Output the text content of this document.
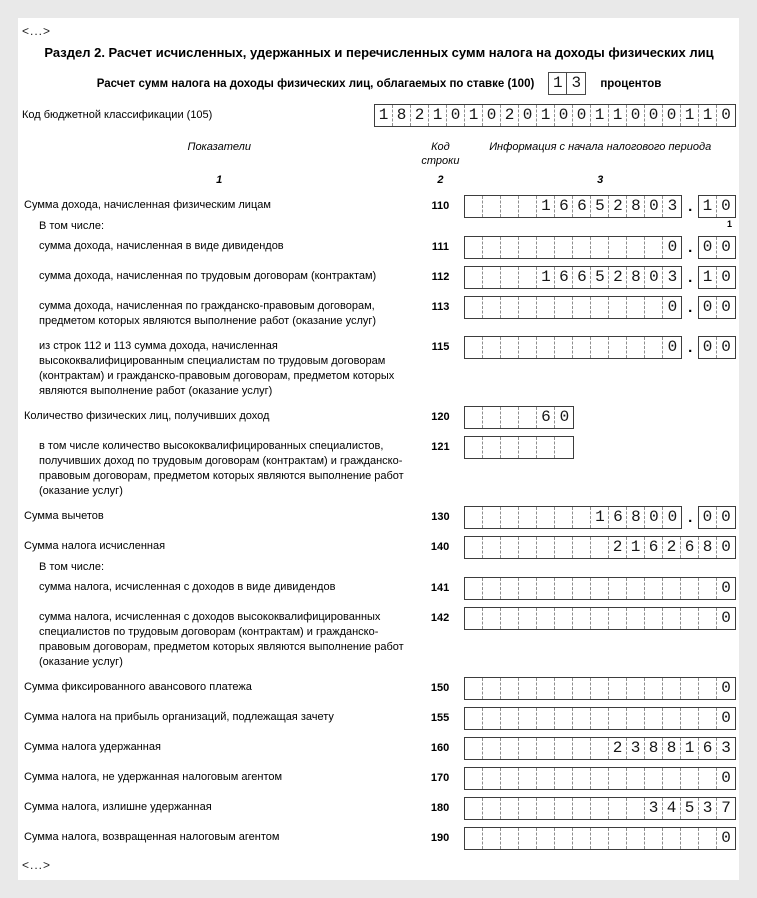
<...>
Раздел 2. Расчет исчисленных, удержанных и перечисленных сумм налога на доходы физических лиц
Расчет сумм налога на доходы физических лиц, облагаемых по ставке (100) 1 3	процентов
Код бюджетной классификации (105)	1 8 2 1 0 1 0 2 0 1 0 0 1 1 0 0 0 1 1 0
Показатели	Код
строки
Информация с начала налогового периода
1	2	3
Сумма дохода, начисленная физическим лицам	110	1 6 6 5 2 8 0 3 . 1 0
1
В том числе:
сумма дохода, начисленная в виде дивидендов	111	0 . 0 0
сумма дохода, начисленная по трудовым договорам (контрактам)	112	1 6 6 5 2 8 0 3 . 1 0
сумма дохода, начисленная по гражданско-правовым договорам, предметом которых являются выполнение работ (оказание услуг)
113	0 . 0 0
из строк 112 и 113 сумма дохода, начисленная высококвалифицированным специалистам по трудовым договорам (контрактам) и гражданско-правовым договорам, предметом которых являются выполнение работ (оказание услуг)
115	0 . 0 0
Количество физических лиц, получивших доход	120	6 0
в том числе количество высококвалифицированных специалистов, получивших доход по трудовым договорам (контрактам) и гражданско-правовым договорам, предметом которых являются выполнение работ (оказание услуг)
121
Сумма вычетов	130	1 6 8 0 0 . 0 0
Сумма налога исчисленная	140	2 1 6 2 6 8 0
В том числе:
сумма налога, исчисленная с доходов в виде дивидендов	141	0
сумма налога, исчисленная с доходов высококвалифицированных специалистов по трудовым договорам (контрактам) и гражданско-правовым договорам, предметом которых являются выполнение работ (оказание услуг)
142	0
Сумма фиксированного авансового платежа	150	0
Сумма налога на прибыль организаций, подлежащая зачету	155	0
Сумма налога удержанная	160	2 3 8 8 1 6 3
Сумма налога, не удержанная налоговым агентом	170	0
Сумма налога, излишне удержанная	180	3 4 5 3 7
Сумма налога, возвращенная налоговым агентом	190	0
<...>
